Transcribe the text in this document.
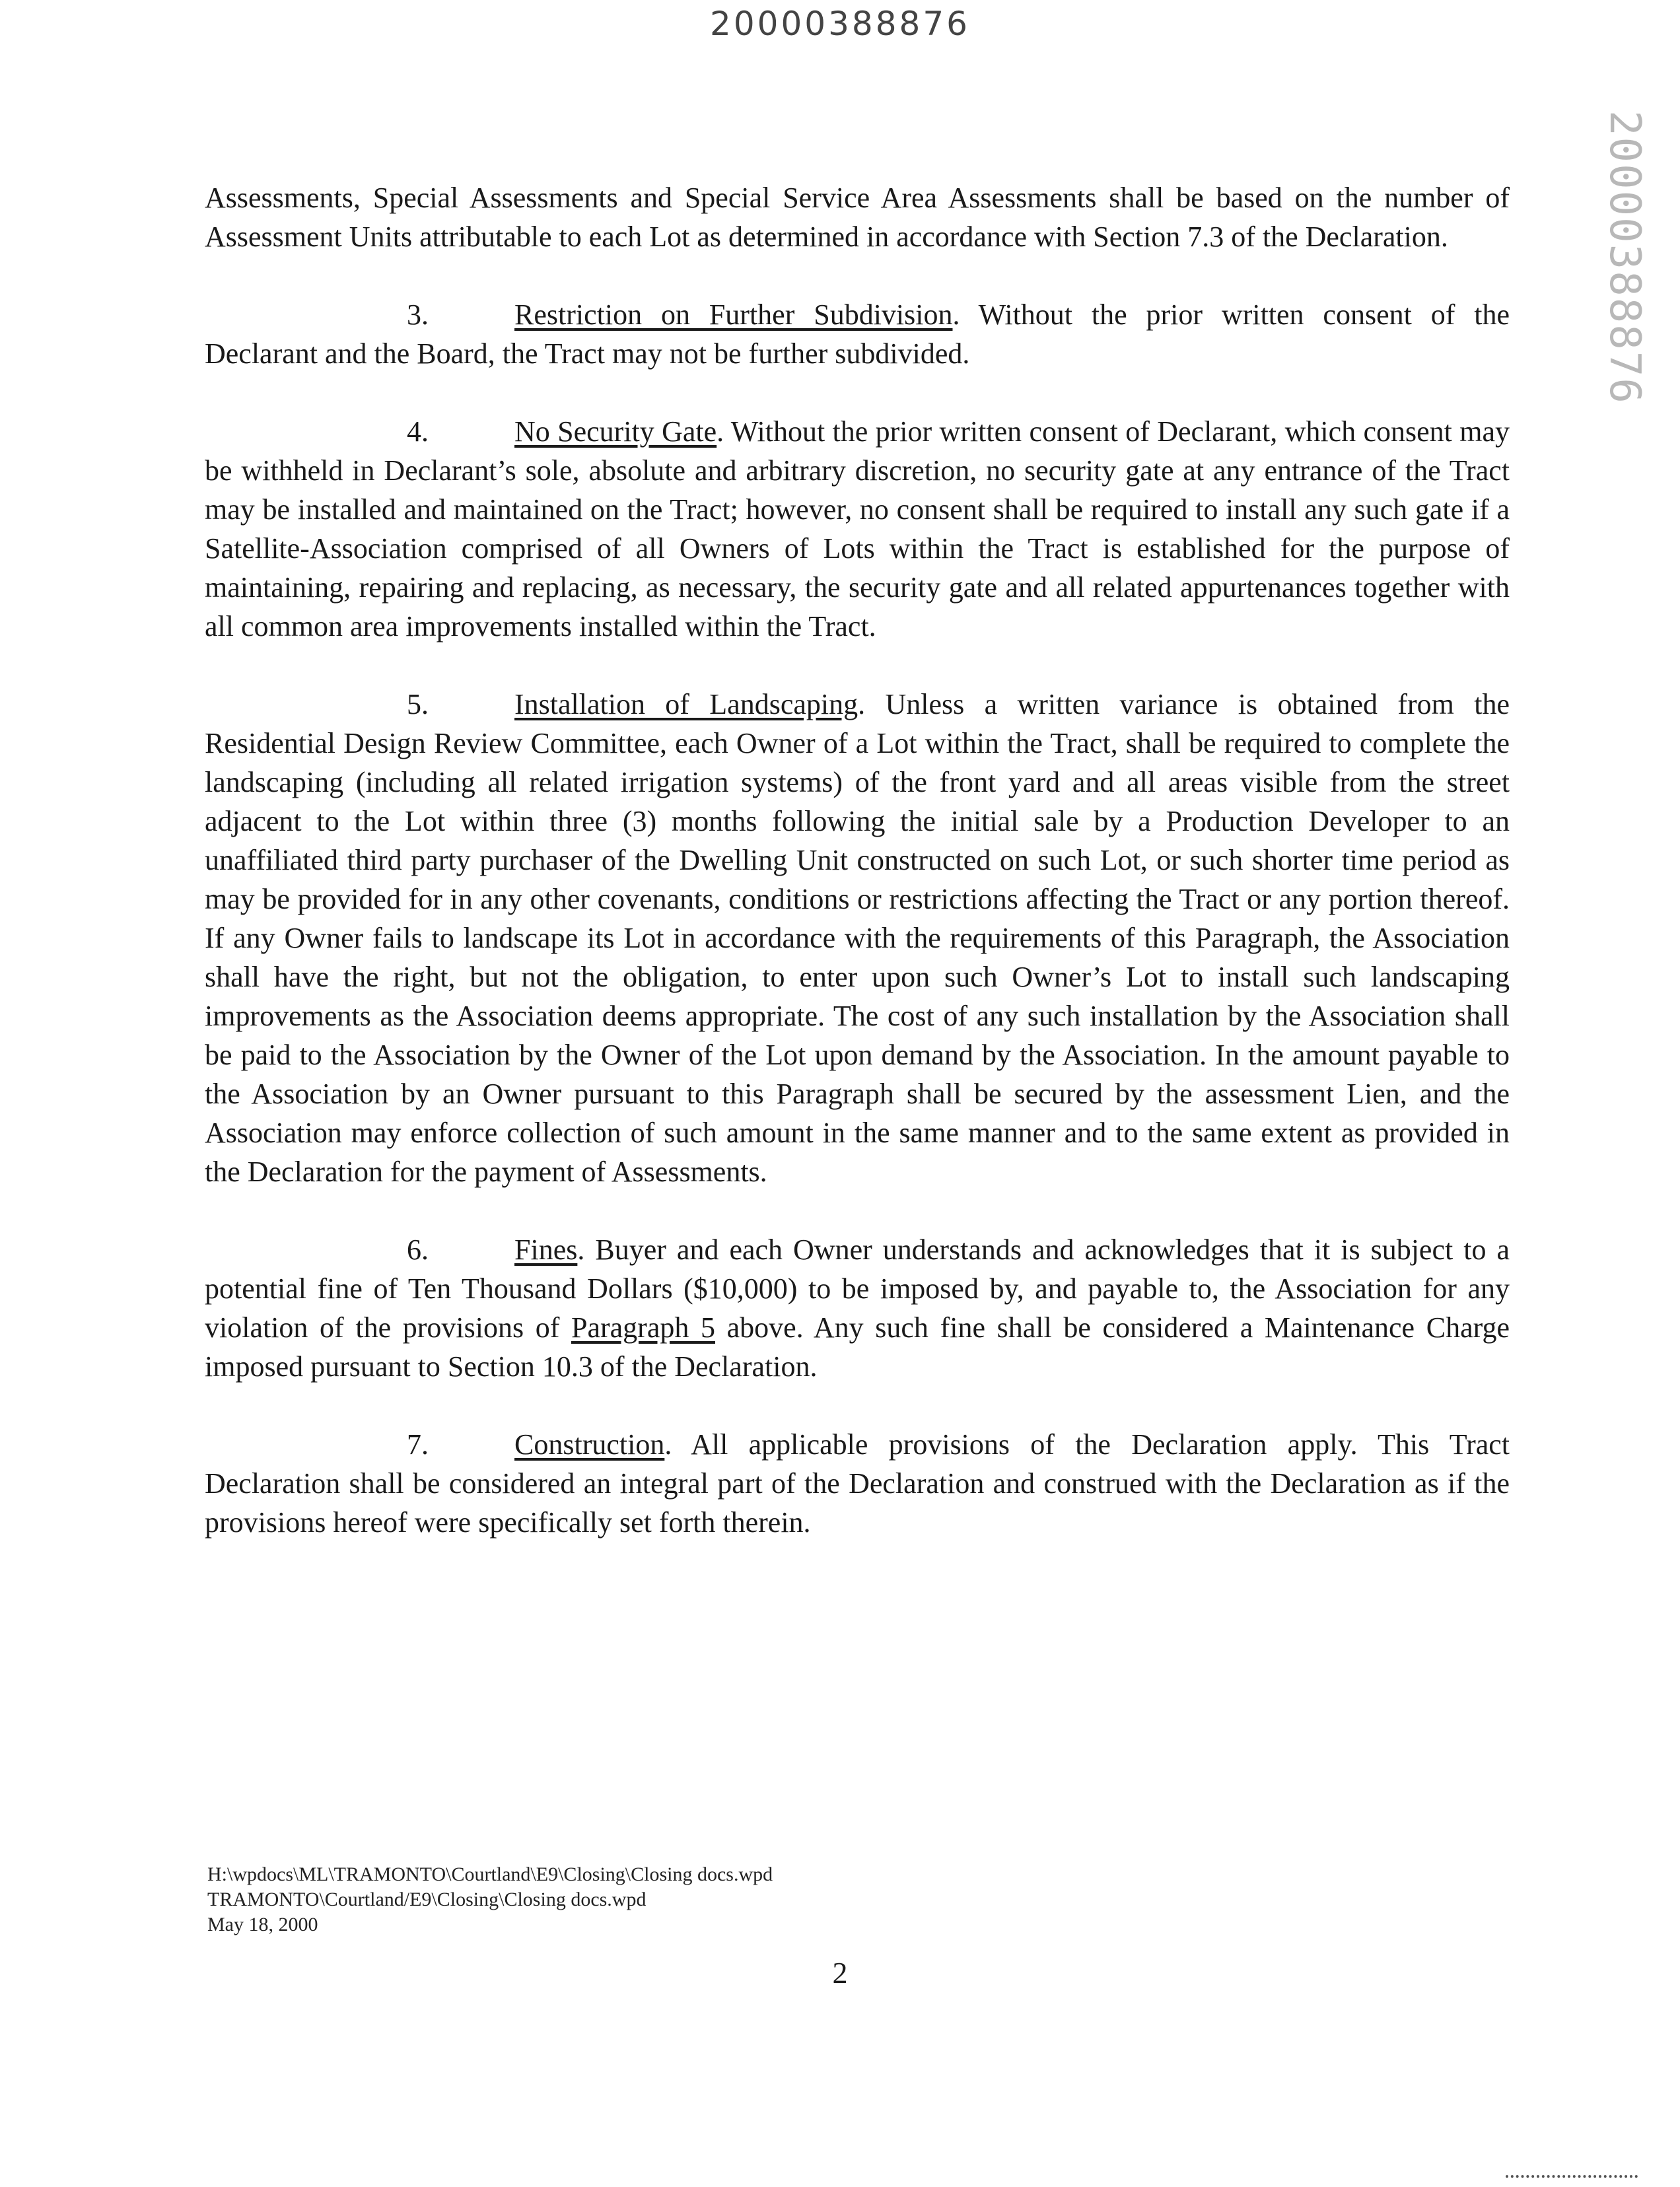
20000388876
20000388876

Assessments, Special Assessments and Special Service Area Assessments shall be based on the number of Assessment Units attributable to each Lot as determined in accordance with Section 7.3 of the Declaration.

3.	Restriction on Further Subdivision. Without the prior written consent of the Declarant and the Board, the Tract may not be further subdivided.

4.	No Security Gate. Without the prior written consent of Declarant, which consent may be withheld in Declarant’s sole, absolute and arbitrary discretion, no security gate at any entrance of the Tract may be installed and maintained on the Tract; however, no consent shall be required to install any such gate if a Satellite-Association comprised of all Owners of Lots within the Tract is established for the purpose of maintaining, repairing and replacing, as necessary, the security gate and all related appurtenances together with all common area improvements installed within the Tract.

5.	Installation of Landscaping. Unless a written variance is obtained from the Residential Design Review Committee, each Owner of a Lot within the Tract, shall be required to complete the landscaping (including all related irrigation systems) of the front yard and all areas visible from the street adjacent to the Lot within three (3) months following the initial sale by a Production Developer to an unaffiliated third party purchaser of the Dwelling Unit constructed on such Lot, or such shorter time period as may be provided for in any other covenants, conditions or restrictions affecting the Tract or any portion thereof. If any Owner fails to landscape its Lot in accordance with the requirements of this Paragraph, the Association shall have the right, but not the obligation, to enter upon such Owner’s Lot to install such landscaping improvements as the Association deems appropriate. The cost of any such installation by the Association shall be paid to the Association by the Owner of the Lot upon demand by the Association. In the amount payable to the Association by an Owner pursuant to this Paragraph shall be secured by the assessment Lien, and the Association may enforce collection of such amount in the same manner and to the same extent as provided in the Declaration for the payment of Assessments.

6.	Fines. Buyer and each Owner understands and acknowledges that it is subject to a potential fine of Ten Thousand Dollars ($10,000) to be imposed by, and payable to, the Association for any violation of the provisions of Paragraph 5 above. Any such fine shall be considered a Maintenance Charge imposed pursuant to Section 10.3 of the Declaration.

7.	Construction. All applicable provisions of the Declaration apply. This Tract Declaration shall be considered an integral part of the Declaration and construed with the Declaration as if the provisions hereof were specifically set forth therein.

H:\wpdocs\ML\TRAMONTO\Courtland\E9\Closing\Closing docs.wpd
TRAMONTO\Courtland/E9\Closing\Closing docs.wpd
May 18, 2000
2
